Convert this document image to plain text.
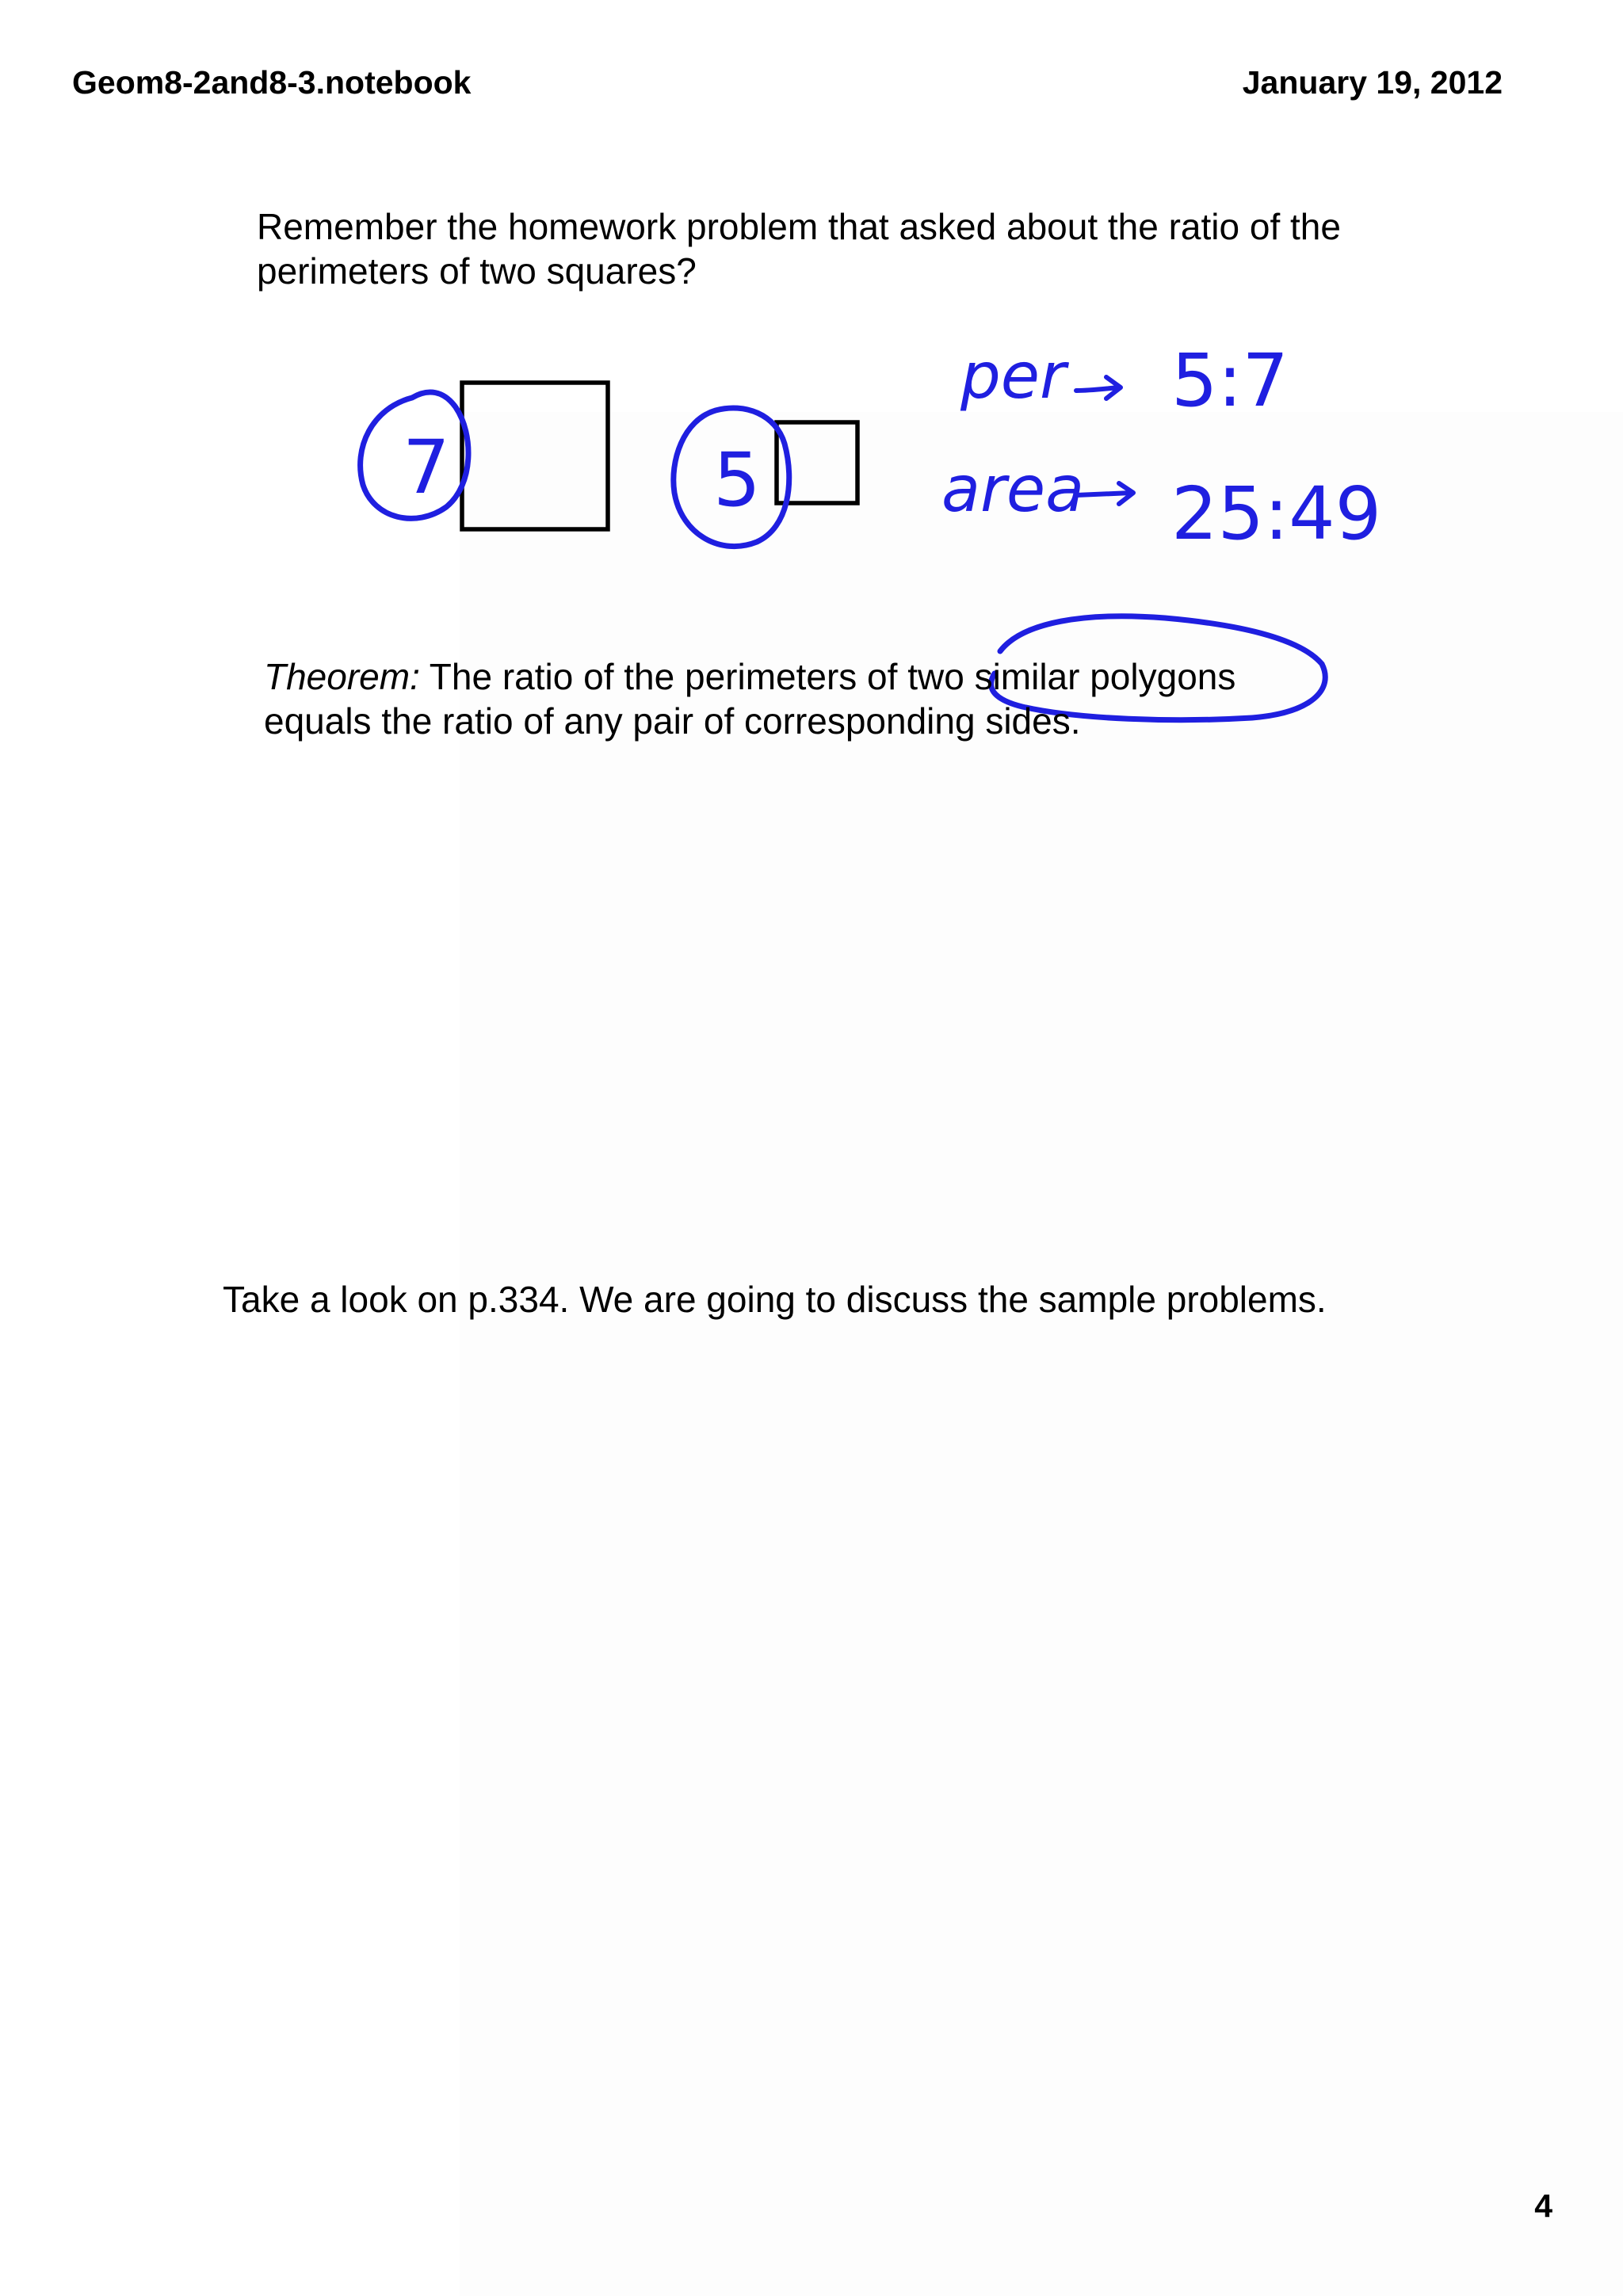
Geom8-2and8-3.notebook	January 19, 2012
Remember the homework problem that asked about the ratio of the
perimeters of two squares?
7	5
per 5:7
area 25:49
Theorem: The ratio of the perimeters of two similar polygons
equals the ratio of any pair of corresponding sides.
Take a look on p.334. We are going to discuss the sample problems.
4
